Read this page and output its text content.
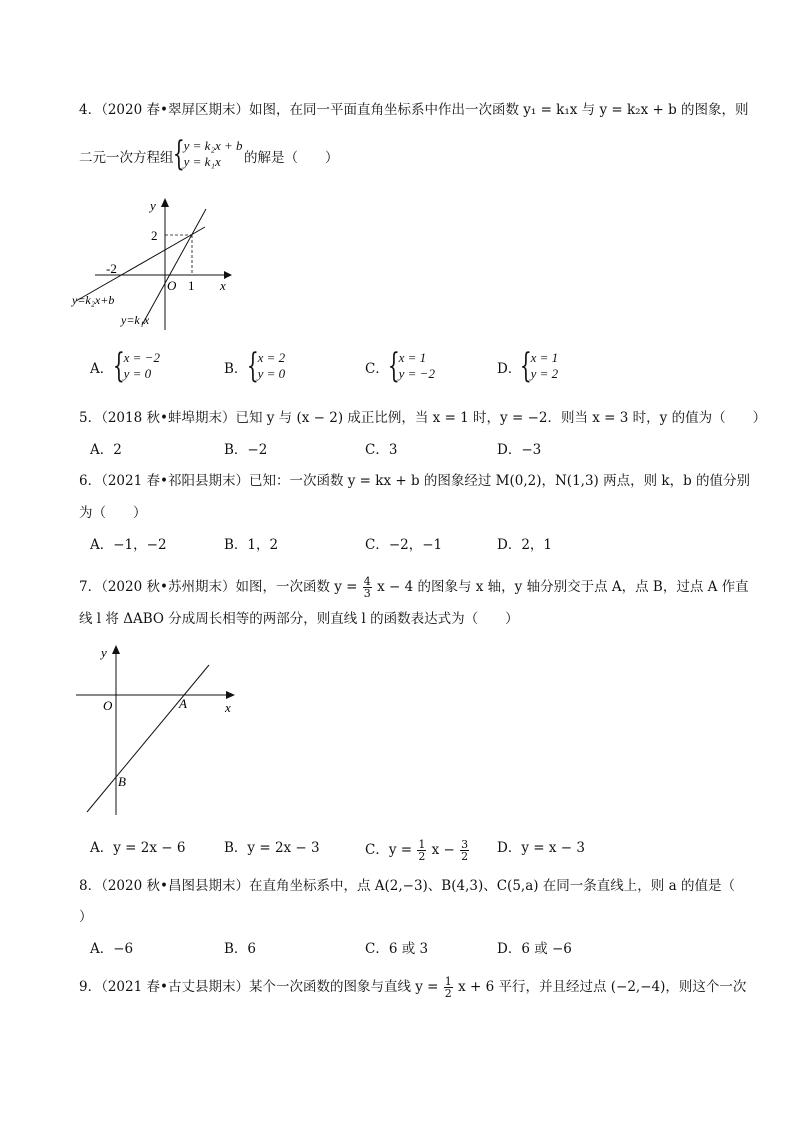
4．（2020 春•翠屏区期末）如图，在同一平面直角坐标系中作出一次函数 y₁ = k₁x 与 y = k₂x + b 的图象，则
二元一次方程组 {
y = k₂x + b
y = k₁x	的解是（　　）
y
2
-2
O 1 x
y=k₂x+b
y=k₁x
A． {
x = −2
y = 0	B． {
x = 2
y = 0	C． {
x = 1
y = −2	D．
{
x = 1
y = 2
5．（2018 秋•蚌埠期末）已知 y 与 (x − 2) 成正比例，当 x = 1 时，y = −2．则当 x = 3 时，y 的值为（　　）
A．2	B．−2	C．3	D．−3
6．（2021 春•祁阳县期末）已知：一次函数 y = kx + b 的图象经过 M(0,2)，N(1,3) 两点，则 k，b 的值分别
为（　　）
A．−1，−2	B．1，2	C．−2，−1	D．2，1
7．（2020 秋•苏州期末）如图，一次函数 $y = \frac{4}{3}$ x − 4 的图象与 x 轴，y 轴分别交于点 A，点 B，过点 A 作直
线 l 将 ΔABO 分成周长相等的两部分，则直线 l 的函数表达式为（　　）
y
O	A	x
B
A．y = 2x − 6	B．y = 2x − 3	C．$y = \frac{1}{2}$ $x - \frac{3}{2}$ D．y = x − 3
8．（2020 秋•昌图县期末）在直角坐标系中，点 A(2,−3)、B(4,3)、C(5,a) 在同一条直线上，则 a 的值是（
）
A．−6	B．6	C．6 或 3	D．6 或 −6
9．（2021 春•古丈县期末）某个一次函数的图象与直线 $y = \frac{1}{2}$ x + 6 平行，并且经过点 (−2,−4)，则这个一次
